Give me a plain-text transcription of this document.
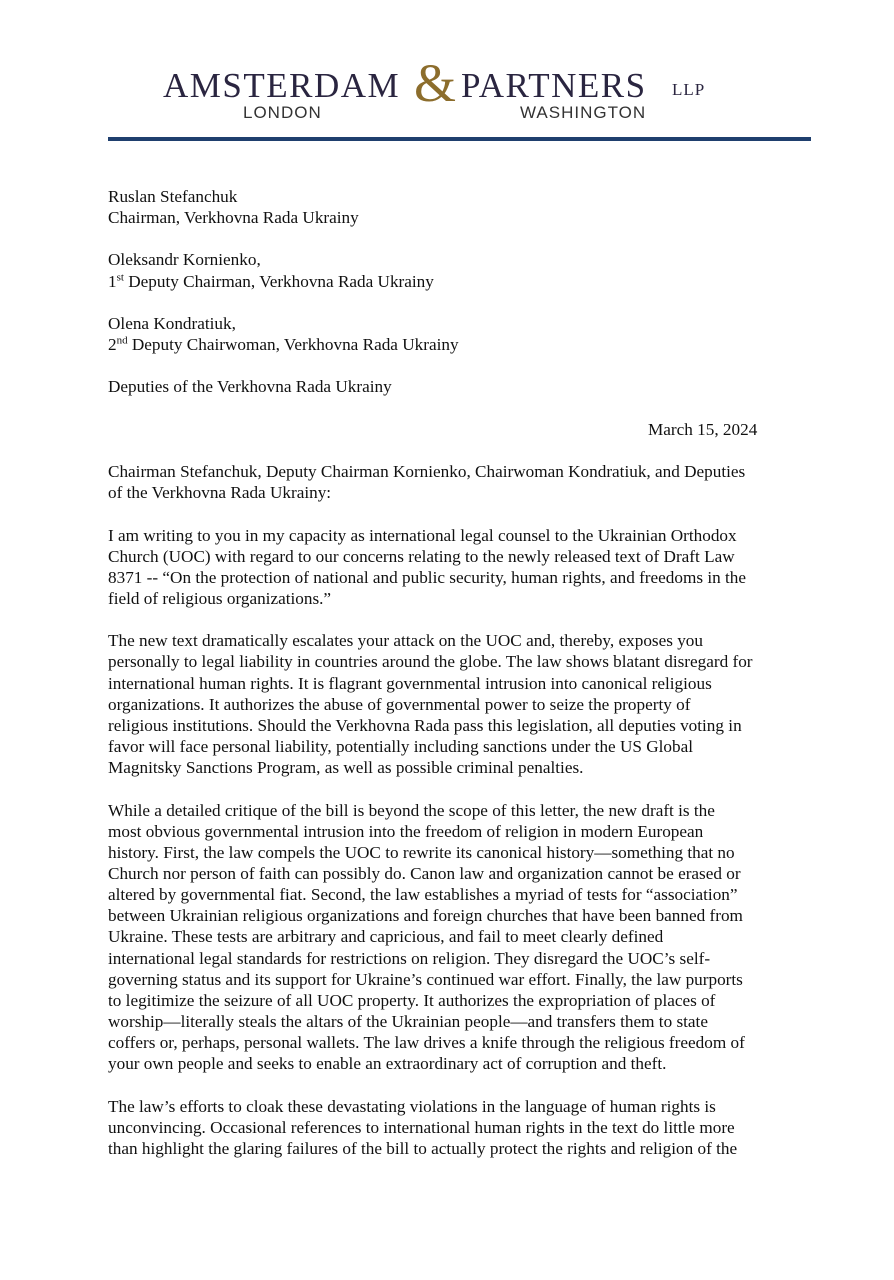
AMSTERDAM & PARTNERS LLP
LONDON	WASHINGTON
Ruslan Stefanchuk
Chairman, Verkhovna Rada Ukrainy
Oleksandr Kornienko,
1st Deputy Chairman, Verkhovna Rada Ukrainy
Olena Kondratiuk,
2nd Deputy Chairwoman, Verkhovna Rada Ukrainy
Deputies of the Verkhovna Rada Ukrainy
March 15, 2024
Chairman Stefanchuk, Deputy Chairman Kornienko, Chairwoman Kondratiuk, and Deputies
of the Verkhovna Rada Ukrainy:
I am writing to you in my capacity as international legal counsel to the Ukrainian Orthodox
Church (UOC) with regard to our concerns relating to the newly released text of Draft Law
8371 -- “On the protection of national and public security, human rights, and freedoms in the
field of religious organizations.”
The new text dramatically escalates your attack on the UOC and, thereby, exposes you
personally to legal liability in countries around the globe. The law shows blatant disregard for
international human rights. It is flagrant governmental intrusion into canonical religious
organizations. It authorizes the abuse of governmental power to seize the property of
religious institutions. Should the Verkhovna Rada pass this legislation, all deputies voting in
favor will face personal liability, potentially including sanctions under the US Global
Magnitsky Sanctions Program, as well as possible criminal penalties.
While a detailed critique of the bill is beyond the scope of this letter, the new draft is the
most obvious governmental intrusion into the freedom of religion in modern European
history. First, the law compels the UOC to rewrite its canonical history—something that no
Church nor person of faith can possibly do. Canon law and organization cannot be erased or
altered by governmental fiat. Second, the law establishes a myriad of tests for “association”
between Ukrainian religious organizations and foreign churches that have been banned from
Ukraine. These tests are arbitrary and capricious, and fail to meet clearly defined
international legal standards for restrictions on religion. They disregard the UOC’s self-
governing status and its support for Ukraine’s continued war effort. Finally, the law purports
to legitimize the seizure of all UOC property. It authorizes the expropriation of places of
worship—literally steals the altars of the Ukrainian people—and transfers them to state
coffers or, perhaps, personal wallets. The law drives a knife through the religious freedom of
your own people and seeks to enable an extraordinary act of corruption and theft.
The law’s efforts to cloak these devastating violations in the language of human rights is
unconvincing. Occasional references to international human rights in the text do little more
than highlight the glaring failures of the bill to actually protect the rights and religion of the
